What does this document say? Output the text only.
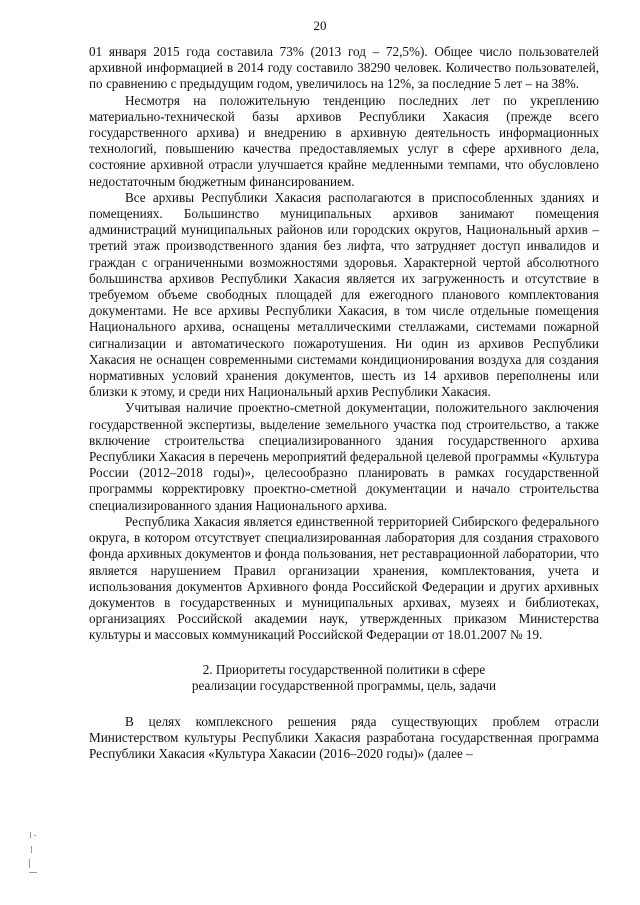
20

01 января 2015 года составила 73% (2013 год – 72,5%). Общее число пользователей архивной информацией в 2014 году составило 38290 человек. Количество пользователей, по сравнению с предыдущим годом, увеличилось на 12%, за последние 5 лет – на 38%.

Несмотря на положительную тенденцию последних лет по укреплению материально-технической базы архивов Республики Хакасия (прежде всего государственного архива) и внедрению в архивную деятельность информационных технологий, повышению качества предоставляемых услуг в сфере архивного дела, состояние архивной отрасли улучшается крайне медленными темпами, что обусловлено недостаточным бюджетным финансированием.

Все архивы Республики Хакасия располагаются в приспособленных зданиях и помещениях. Большинство муниципальных архивов занимают помещения администраций муниципальных районов или городских округов, Национальный архив – третий этаж производственного здания без лифта, что затрудняет доступ инвалидов и граждан с ограниченными возможностями здоровья. Характерной чертой абсолютного большинства архивов Республики Хакасия является их загруженность и отсутствие в требуемом объеме свободных площадей для ежегодного планового комплектования документами. Не все архивы Республики Хакасия, в том числе отдельные помещения Национального архива, оснащены металлическими стеллажами, системами пожарной сигнализации и автоматического пожаротушения. Ни один из архивов Республики Хакасия не оснащен современными системами кондиционирования воздуха для создания нормативных условий хранения документов, шесть из 14 архивов переполнены или близки к этому, и среди них Национальный архив Республики Хакасия.

Учитывая наличие проектно-сметной документации, положительного заключения государственной экспертизы, выделение земельного участка под строительство, а также включение строительства специализированного здания государственного архива Республики Хакасия в перечень мероприятий федеральной целевой программы «Культура России (2012–2018 годы)», целесообразно планировать в рамках государственной программы корректировку проектно-сметной документации и начало строительства специализированного здания Национального архива.

Республика Хакасия является единственной территорией Сибирского федерального округа, в котором отсутствует специализированная лаборатория для создания страхового фонда архивных документов и фонда пользования, нет реставрационной лаборатории, что является нарушением Правил организации хранения, комплектования, учета и использования документов Архивного фонда Российской Федерации и других архивных документов в государственных и муниципальных архивах, музеях и библиотеках, организациях Российской академии наук, утвержденных приказом Министерства культуры и массовых коммуникаций Российской Федерации от 18.01.2007 № 19.

2. Приоритеты государственной политики в сфере
реализации государственной программы, цель, задачи

В целях комплексного решения ряда существующих проблем отрасли Министерством культуры Республики Хакасия разработана государственная программа Республики Хакасия «Культура Хакасии (2016–2020 годы)» (далее –
